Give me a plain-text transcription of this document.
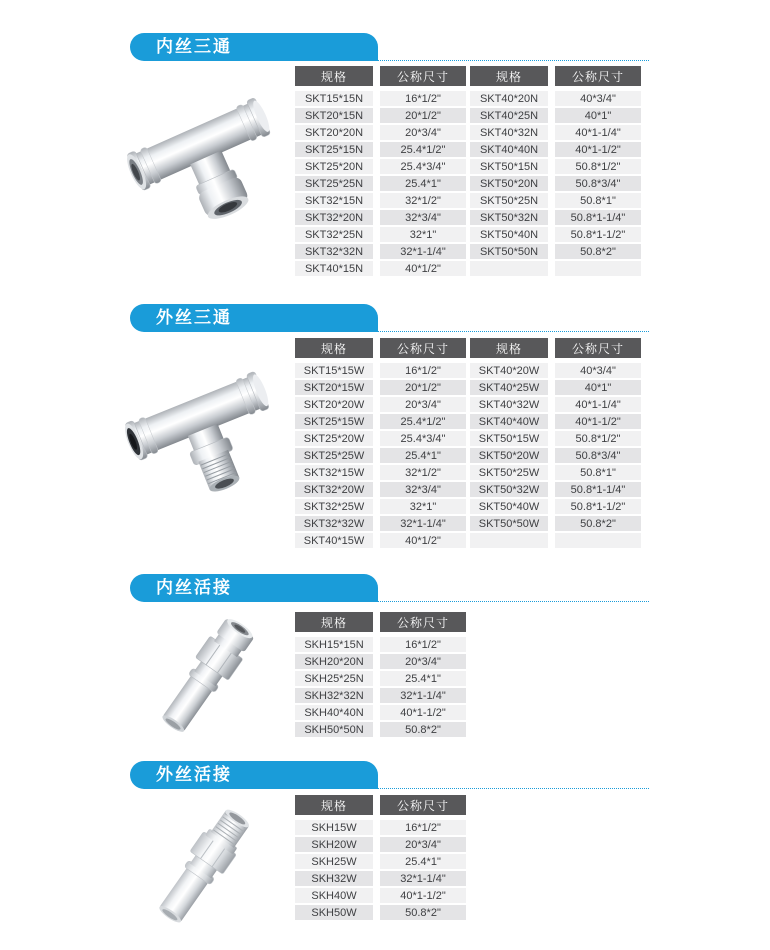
内丝三通
规格	公称尺寸
SKT15*15N	16*1/2"
SKT20*15N	20*1/2"
SKT20*20N	20*3/4"
SKT25*15N	25.4*1/2"
SKT25*20N	25.4*3/4"
SKT25*25N	25.4*1"
SKT32*15N	32*1/2"
SKT32*20N	32*3/4"
SKT32*25N	32*1"
SKT32*32N	32*1-1/4"
SKT40*15N	40*1/2"
规格	公称尺寸
SKT40*20N	40*3/4"
SKT40*25N	40*1"
SKT40*32N	40*1-1/4"
SKT40*40N	40*1-1/2"
SKT50*15N	50.8*1/2"
SKT50*20N	50.8*3/4"
SKT50*25N	50.8*1"
SKT50*32N	50.8*1-1/4"
SKT50*40N	50.8*1-1/2"
SKT50*50N	50.8*2"
外丝三通
规格	公称尺寸
SKT15*15W	16*1/2"
SKT20*15W	20*1/2"
SKT20*20W	20*3/4"
SKT25*15W	25.4*1/2"
SKT25*20W	25.4*3/4"
SKT25*25W	25.4*1"
SKT32*15W	32*1/2"
SKT32*20W	32*3/4"
SKT32*25W	32*1"
SKT32*32W	32*1-1/4"
SKT40*15W	40*1/2"
规格	公称尺寸
SKT40*20W	40*3/4"
SKT40*25W	40*1"
SKT40*32W	40*1-1/4"
SKT40*40W	40*1-1/2"
SKT50*15W	50.8*1/2"
SKT50*20W	50.8*3/4"
SKT50*25W	50.8*1"
SKT50*32W	50.8*1-1/4"
SKT50*40W	50.8*1-1/2"
SKT50*50W	50.8*2"
内丝活接
规格	公称尺寸
SKH15*15N	16*1/2"
SKH20*20N	20*3/4"
SKH25*25N	25.4*1"
SKH32*32N	32*1-1/4"
SKH40*40N	40*1-1/2"
SKH50*50N	50.8*2"
外丝活接
规格	公称尺寸
SKH15W	16*1/2"
SKH20W	20*3/4"
SKH25W	25.4*1"
SKH32W	32*1-1/4"
SKH40W	40*1-1/2"
SKH50W	50.8*2"
